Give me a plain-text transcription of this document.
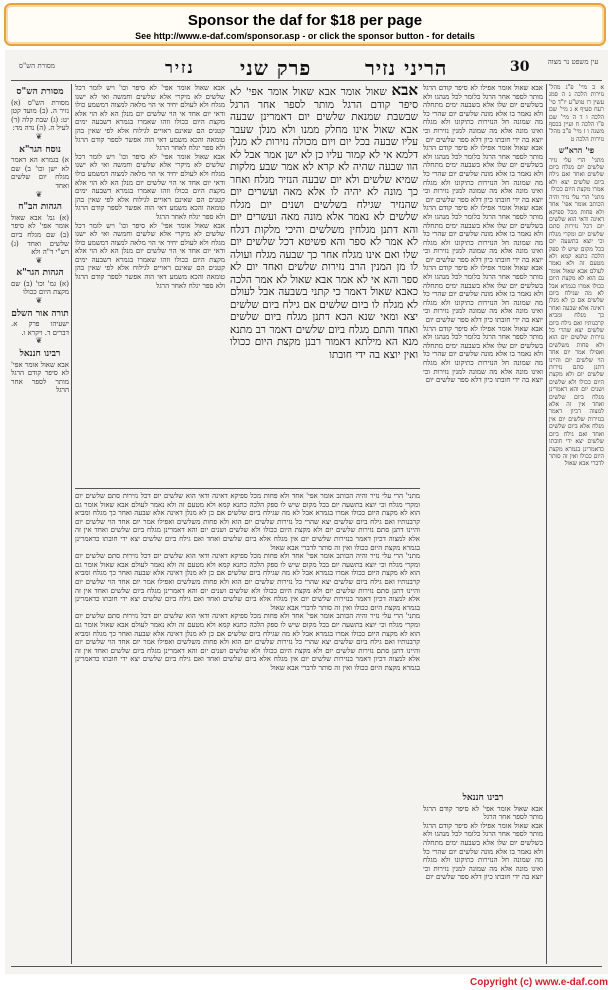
Sponsor the daf for $18 per page
See http://www.e-daf.com/sponsor.asp - or click the sponsor button - for details
מסורת הש"ס	נזיר פרק שני	הריני נזיר	30	עין משפט נר מצוה
מסורת הש"ס
מסורת הש"ס (א) נזיר ה. (ב) מועד קטן יט: (ג) שבת קלה (ד) לעיל ה. (ה) נדה מד:
❦
נוסח הגר"א
א) בגמרא הא דאמר לא ישן וכו' ב) שם מגלח יום שלשים ואחד
❦
הגהות הב"ח
(א) גמ' אבא שאול אומר אפי' לא סיפר (ב) שם מגלח ביום שלשים ואחד (ג) רש"י ד"ה ולא
❦
הגהות הגר"א
(א) גמ' וכו' (ב) שם מקצת היום ככולו
❦
תורה אור השלם
ישעיהו פרק א. דברים ד. ויקרא ו.
❦
רבינו חננאל
אבא שאול אומר אפי' לא סיפר קודם הרגל מותר לספר אחר הרגל
אבא שאול אומר אפי' לא סיפר וכו' ויש לומר דכל שלשים לא מיקרי אלא שלשים וחמשה ואי לא ישנו מגלח ולא לעולם יחיד אי הוי מלאה למצוה דמשמע כולו ודאי יום אחד אי הוי שלשים יום מנלן הא לא הוי אלא מקצת היום ככולו וזהו שאמרו בגמרא דשבעה ימים קטנים הם שאינם ראויים לגילוח אלא לפי שאין בהן טומאה והכא משמע דאי הוה אפשר לספר קודם הרגל ולא ספר יגלח לאחר הרגל
אבא שאול אומר אפי' לא סיפר וכו' ויש לומר דכל שלשים לא מיקרי אלא שלשים וחמשה ואי לא ישנו מגלח ולא לעולם יחיד אי הוי מלאה למצוה דמשמע כולו ודאי יום אחד אי הוי שלשים יום מנלן הא לא הוי אלא מקצת היום ככולו וזהו שאמרו בגמרא דשבעה ימים קטנים הם שאינם ראויים לגילוח אלא לפי שאין בהן טומאה והכא משמע דאי הוה אפשר לספר קודם הרגל ולא ספר יגלח לאחר הרגל
אבא שאול אומר אפי' לא סיפר וכו' ויש לומר דכל שלשים לא מיקרי אלא שלשים וחמשה ואי לא ישנו מגלח ולא לעולם יחיד אי הוי מלאה למצוה דמשמע כולו ודאי יום אחד אי הוי שלשים יום מנלן הא לא הוי אלא מקצת היום ככולו וזהו שאמרו בגמרא דשבעה ימים קטנים הם שאינם ראויים לגילוח אלא לפי שאין בהן טומאה והכא משמע דאי הוה אפשר לספר קודם הרגל ולא ספר יגלח לאחר הרגל
אבא שאול אומר אבא שאול אומר אפי' לא סיפר קודם הרגל מותר לספר אחר הרגל שבשבת שמנאת שלשים יום דאמרינן שבעה אבא שאול אינו מחלק ממנו ולא מנלן שעבר עליו שבעה בכל יום ויום מכולה נזירות לא מנלן דלמא אי לא קמור עליו כן לא ישן אמר אבל לא הוו שבעה שהיה לא קרא לא אמר שבע מלקות שמיא שלשים ולא יום שבעה הנזיר מגלח ואחר כך מונה לא יהיה לו אלא מאה ועשרים יום שהנזיר שגילח בשלשים ושנים יום מגלח שלשים לא נאמר אלא מונה מאה ועשרים יום והא דתנן מגלחין משלשים והיכי מלקות דגלח לא אמר לא ספר והא פשיטא דכל שלשים יום שלו ואם אינו מגלח אחר כך שבעה מגלח ועולה לו מן המנין הרב נזירות שלשים ואחד יום לא ספר והא אי לא אמר אבא שאול לא אמר הלכה כאבא שאול דאמר כי קתני בשבעה אבל לעולם לא מגלח לו ביום שלשים אם גילח ביום שלשים יצא ומאי שנא הכא דתנן מגלח ביום שלשים ואחד והתם מגלח ביום שלשים דאמר רב מתנא מנא הא מילתא דאמור רבנן מקצת היום ככולו ואין יוצא בה ידי חובתו
אבא שאול אומר אפילו לא סיפר קודם הרגל מותר לספר אחר הרגל כלומר לכל מנהגו ולא בשלשים יום שלו אלא בשבעה ימים מתחלה ולא נאמר בו אלא מונה שלשים יום שהרי כל מה שמונה חל הנזירות כתיקונו ולא מגלח ואינו מונה אלא מה שמונה למנין נזירות וכי יוצא בה ידי חובתו כיון דלא ספר שלשים יום
אבא שאול אומר אפילו לא סיפר קודם הרגל מותר לספר אחר הרגל כלומר לכל מנהגו ולא בשלשים יום שלו אלא בשבעה ימים מתחלה ולא נאמר בו אלא מונה שלשים יום שהרי כל מה שמונה חל הנזירות כתיקונו ולא מגלח ואינו מונה אלא מה שמונה למנין נזירות וכי יוצא בה ידי חובתו כיון דלא ספר שלשים יום
אבא שאול אומר אפילו לא סיפר קודם הרגל מותר לספר אחר הרגל כלומר לכל מנהגו ולא בשלשים יום שלו אלא בשבעה ימים מתחלה ולא נאמר בו אלא מונה שלשים יום שהרי כל מה שמונה חל הנזירות כתיקונו ולא מגלח ואינו מונה אלא מה שמונה למנין נזירות וכי יוצא בה ידי חובתו כיון דלא ספר שלשים יום
אבא שאול אומר אפילו לא סיפר קודם הרגל מותר לספר אחר הרגל כלומר לכל מנהגו ולא בשלשים יום שלו אלא בשבעה ימים מתחלה ולא נאמר בו אלא מונה שלשים יום שהרי כל מה שמונה חל הנזירות כתיקונו ולא מגלח ואינו מונה אלא מה שמונה למנין נזירות וכי יוצא בה ידי חובתו כיון דלא ספר שלשים יום
אבא שאול אומר אפילו לא סיפר קודם הרגל מותר לספר אחר הרגל כלומר לכל מנהגו ולא בשלשים יום שלו אלא בשבעה ימים מתחלה ולא נאמר בו אלא מונה שלשים יום שהרי כל מה שמונה חל הנזירות כתיקונו ולא מגלח ואינו מונה אלא מה שמונה למנין נזירות וכי יוצא בה ידי חובתו כיון דלא ספר שלשים יום
א ב מיי' פ"ג מהל' נזירות הלכה ג ה סמג עשין רו טוש"ע יו"ד סי' רעח סעיף א ג מיי' שם הלכה ו ד ה מיי' שם פ"ו הלכה ח ועיין בכסף משנה ו ז מיי' פ"ב מהל' נזירות הלכה ט
פי' הרא"ש
מתני' הרי עלי נזיר שלשים יום מגלח ביום שלשים ואחד ואם גילח ביום שלשים יצא ולא אמרו מקצת היום ככולו
מתני' הרי עלי נזיר והיה הכותב אומר אפי' אחד ולא פחות מכל ספיקא דאינה ודאי הוא שלשים יום דכל נזירות סתם שלשים יום ומקרי מגלח וכי יוצא בתשעה יום בכל מקום שיש לו ספק הלכה כתנא קמא ולא מטעם זה ולא נאמר לעולם אבא שאול אומר גם הוא לא מקצת היום ככולו אמרו בגמרא אבל לא מה שגילח ביום שלשים אם כן לא מנלן דאינה אלא שבעה ואחר כך מגלח ומביא קרבנותיו ואם גילח ביום שלשים יצא שהרי כל נזירות שלשים יום הוא ולא פחות משלשים ואפילו אמר יום אחד הוי שלשים יום והיינו דתנן סתם נזירות שלשים יום ולא מקצת היום ככולו ולא שלשים ושנים יום והא דאמרינן מגלח ביום שלשים ואחד אין זה אלא למצוה דכיון דאמר בנזירות שלשים יום אין מגלח אלא ביום שלשים ואחד ואם גילח ביום שלשים יצא ידי חובתו כדאמרינן בגמרא מקצת היום ככולו ואין זה סותר לדברי אבא שאול
מתני' הרי עלי נזיר והיה הכותב אומר אפי' אחד ולא פחות מכל ספיקא דאינה ודאי הוא שלשים יום דכל נזירות סתם שלשים יום ומקרי מגלח וכי יוצא בתשעה יום בכל מקום שיש לו ספק הלכה כתנא קמא ולא מטעם זה ולא נאמר לעולם אבא שאול אומר גם הוא לא מקצת היום ככולו אמרו בגמרא אבל לא מה שגילח ביום שלשים אם כן לא מנלן דאינה אלא שבעה ואחר כך מגלח ומביא קרבנותיו ואם גילח ביום שלשים יצא שהרי כל נזירות שלשים יום הוא ולא פחות משלשים ואפילו אמר יום אחד הוי שלשים יום והיינו דתנן סתם נזירות שלשים יום ולא מקצת היום ככולו ולא שלשים ושנים יום והא דאמרינן מגלח ביום שלשים ואחד אין זה אלא למצוה דכיון דאמר בנזירות שלשים יום אין מגלח אלא ביום שלשים ואחד ואם גילח ביום שלשים יצא ידי חובתו כדאמרינן בגמרא מקצת היום ככולו ואין זה סותר לדברי אבא שאול
מתני' הרי עלי נזיר והיה הכותב אומר אפי' אחד ולא פחות מכל ספיקא דאינה ודאי הוא שלשים יום דכל נזירות סתם שלשים יום ומקרי מגלח וכי יוצא בתשעה יום בכל מקום שיש לו ספק הלכה כתנא קמא ולא מטעם זה ולא נאמר לעולם אבא שאול אומר גם הוא לא מקצת היום ככולו אמרו בגמרא אבל לא מה שגילח ביום שלשים אם כן לא מנלן דאינה אלא שבעה ואחר כך מגלח ומביא קרבנותיו ואם גילח ביום שלשים יצא שהרי כל נזירות שלשים יום הוא ולא פחות משלשים ואפילו אמר יום אחד הוי שלשים יום והיינו דתנן סתם נזירות שלשים יום ולא מקצת היום ככולו ולא שלשים ושנים יום והא דאמרינן מגלח ביום שלשים ואחד אין זה אלא למצוה דכיון דאמר בנזירות שלשים יום אין מגלח אלא ביום שלשים ואחד ואם גילח ביום שלשים יצא ידי חובתו כדאמרינן בגמרא מקצת היום ככולו ואין זה סותר לדברי אבא שאול
מתני' הרי עלי נזיר והיה הכותב אומר אפי' אחד ולא פחות מכל ספיקא דאינה ודאי הוא שלשים יום דכל נזירות סתם שלשים יום ומקרי מגלח וכי יוצא בתשעה יום בכל מקום שיש לו ספק הלכה כתנא קמא ולא מטעם זה ולא נאמר לעולם אבא שאול אומר גם הוא לא מקצת היום ככולו אמרו בגמרא אבל לא מה שגילח ביום שלשים אם כן לא מנלן דאינה אלא שבעה ואחר כך מגלח ומביא קרבנותיו ואם גילח ביום שלשים יצא שהרי כל נזירות שלשים יום הוא ולא פחות משלשים ואפילו אמר יום אחד הוי שלשים יום והיינו דתנן סתם נזירות שלשים יום ולא מקצת היום ככולו ולא שלשים ושנים יום והא דאמרינן מגלח ביום שלשים ואחד אין זה אלא למצוה דכיון דאמר בנזירות שלשים יום אין מגלח אלא ביום שלשים ואחד ואם גילח ביום שלשים יצא ידי חובתו כדאמרינן בגמרא מקצת היום ככולו ואין זה סותר לדברי אבא שאול
רבינו חננאל
אבא שאול אומר אפי' לא סיפר קודם הרגל מותר לספר אחר הרגל
אבא שאול אומר אפילו לא סיפר קודם הרגל מותר לספר אחר הרגל כלומר לכל מנהגו ולא בשלשים יום שלו אלא בשבעה ימים מתחלה ולא נאמר בו אלא מונה שלשים יום שהרי כל מה שמונה חל הנזירות כתיקונו ולא מגלח ואינו מונה אלא מה שמונה למנין נזירות וכי יוצא בה ידי חובתו כיון דלא ספר שלשים יום
Copyright (c) www.e-daf.com
